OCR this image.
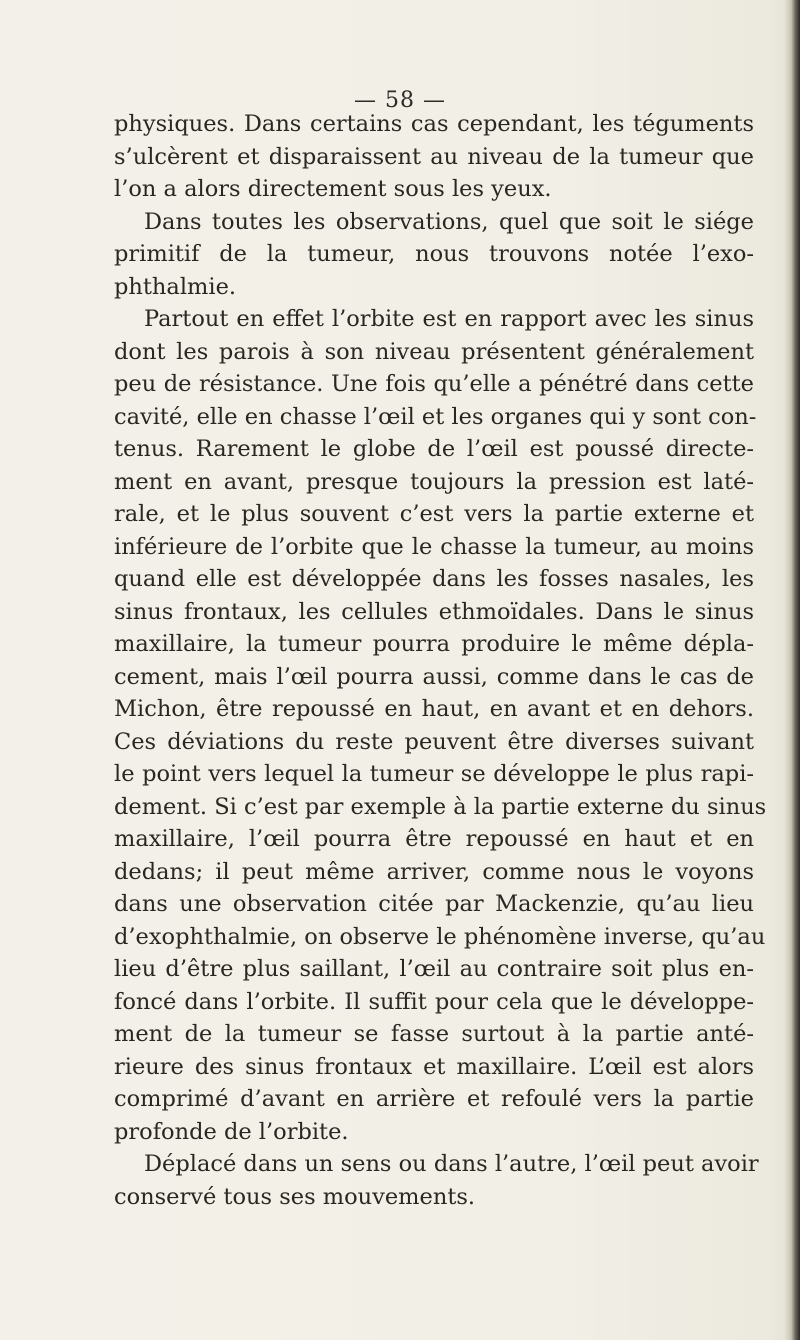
— 58 —
physiques. Dans certains cas cependant, les téguments
s’ulcèrent et disparaissent au niveau de la tumeur que
l’on a alors directement sous les yeux.
Dans toutes les observations, quel que soit le siége
primitif de la tumeur, nous trouvons notée l’exo-
phthalmie.
Partout en effet l’orbite est en rapport avec les sinus
dont les parois à son niveau présentent généralement
peu de résistance. Une fois qu’elle a pénétré dans cette
cavité, elle en chasse l’œil et les organes qui y sont con-
tenus. Rarement le globe de l’œil est poussé directe-
ment en avant, presque toujours la pression est laté-
rale, et le plus souvent c’est vers la partie externe et
inférieure de l’orbite que le chasse la tumeur, au moins
quand elle est développée dans les fosses nasales, les
sinus frontaux, les cellules ethmoïdales. Dans le sinus
maxillaire, la tumeur pourra produire le même dépla-
cement, mais l’œil pourra aussi, comme dans le cas de
Michon, être repoussé en haut, en avant et en dehors.
Ces déviations du reste peuvent être diverses suivant
le point vers lequel la tumeur se développe le plus rapi-
dement. Si c’est par exemple à la partie externe du sinus
maxillaire, l’œil pourra être repoussé en haut et en
dedans; il peut même arriver, comme nous le voyons
dans une observation citée par Mackenzie, qu’au lieu
d’exophthalmie, on observe le phénomène inverse, qu’au
lieu d’être plus saillant, l’œil au contraire soit plus en-
foncé dans l’orbite. Il suffit pour cela que le développe-
ment de la tumeur se fasse surtout à la partie anté-
rieure des sinus frontaux et maxillaire. L’œil est alors
comprimé d’avant en arrière et refoulé vers la partie
profonde de l’orbite.
Déplacé dans un sens ou dans l’autre, l’œil peut avoir
conservé tous ses mouvements.
